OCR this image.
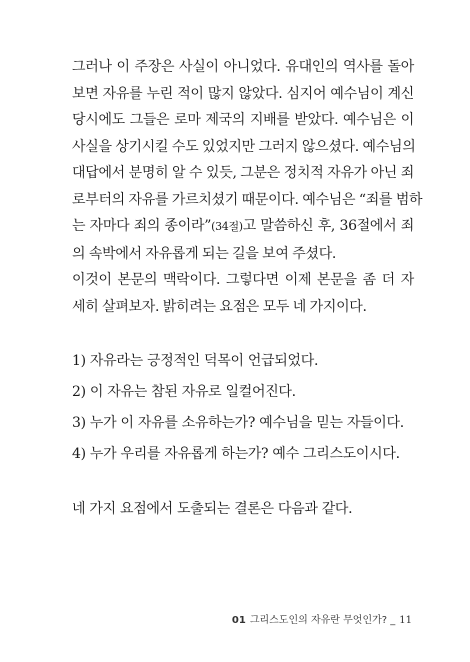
그러나 이 주장은 사실이 아니었다. 유대인의 역사를 돌아
보면 자유를 누린 적이 많지 않았다. 심지어 예수님이 계신
당시에도 그들은 로마 제국의 지배를 받았다. 예수님은 이
사실을 상기시킬 수도 있었지만 그러지 않으셨다. 예수님의
대답에서 분명히 알 수 있듯, 그분은 정치적 자유가 아닌 죄
로부터의 자유를 가르치셨기 때문이다. 예수님은 “죄를 범하
는 자마다 죄의 종이라”(34절)고 말씀하신 후, 36절에서 죄
의 속박에서 자유롭게 되는 길을 보여 주셨다.

이것이 본문의 맥락이다. 그렇다면 이제 본문을 좀 더 자
세히 살펴보자. 밝히려는 요점은 모두 네 가지이다.

1) 자유라는 긍정적인 덕목이 언급되었다.
2) 이 자유는 참된 자유로 일컬어진다.
3) 누가 이 자유를 소유하는가? 예수님을 믿는 자들이다.
4) 누가 우리를 자유롭게 하는가? 예수 그리스도이시다.

네 가지 요점에서 도출되는 결론은 다음과 같다.

01 그리스도인의 자유란 무엇인가? _ 11
